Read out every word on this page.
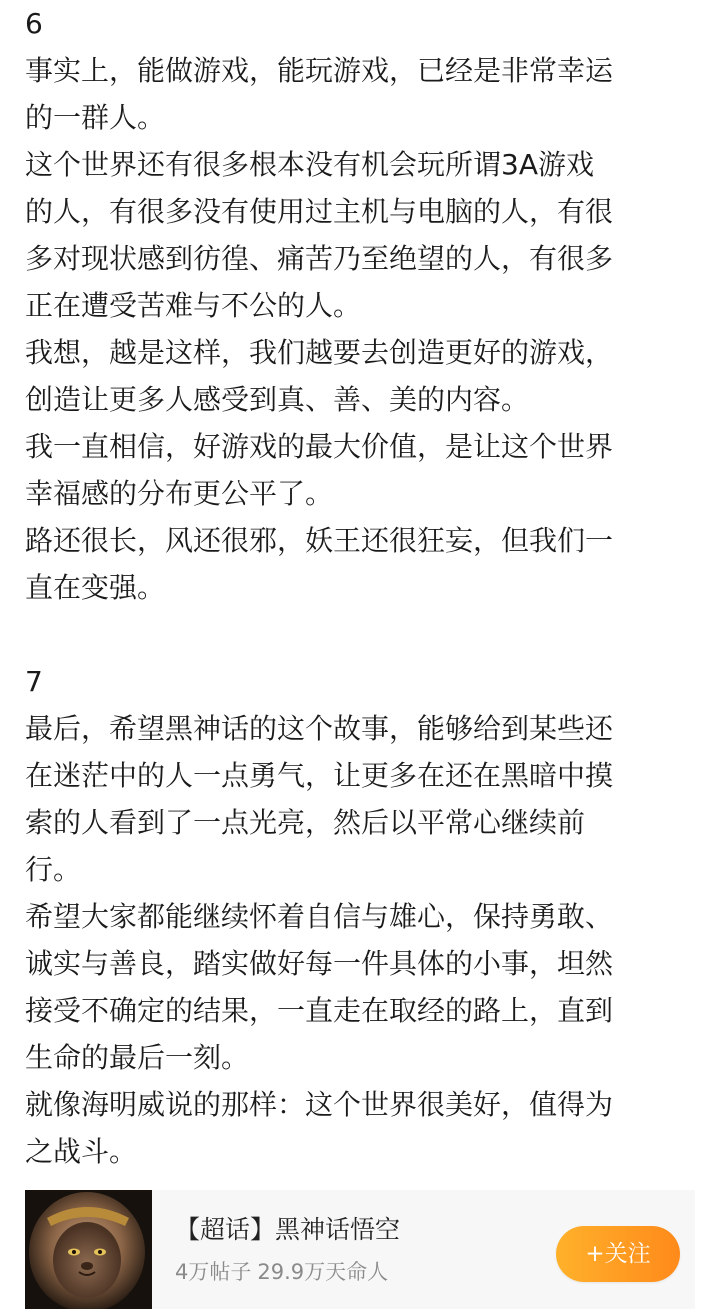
6
事实上，能做游戏，能玩游戏，已经是非常幸运
的一群人。
这个世界还有很多根本没有机会玩所谓3A游戏
的人，有很多没有使用过主机与电脑的人，有很
多对现状感到彷徨、痛苦乃至绝望的人，有很多
正在遭受苦难与不公的人。
我想，越是这样，我们越要去创造更好的游戏，
创造让更多人感受到真、善、美的内容。
我一直相信，好游戏的最大价值，是让这个世界
幸福感的分布更公平了。
路还很长，风还很邪，妖王还很狂妄，但我们一
直在变强。
7
最后，希望黑神话的这个故事，能够给到某些还
在迷茫中的人一点勇气，让更多在还在黑暗中摸
索的人看到了一点光亮，然后以平常心继续前
行。
希望大家都能继续怀着自信与雄心，保持勇敢、
诚实与善良，踏实做好每一件具体的小事，坦然
接受不确定的结果，一直走在取经的路上，直到
生命的最后一刻。
就像海明威说的那样：这个世界很美好，值得为
之战斗。
【超话】黑神话悟空
4万帖子 29.9万天命人
+关注
